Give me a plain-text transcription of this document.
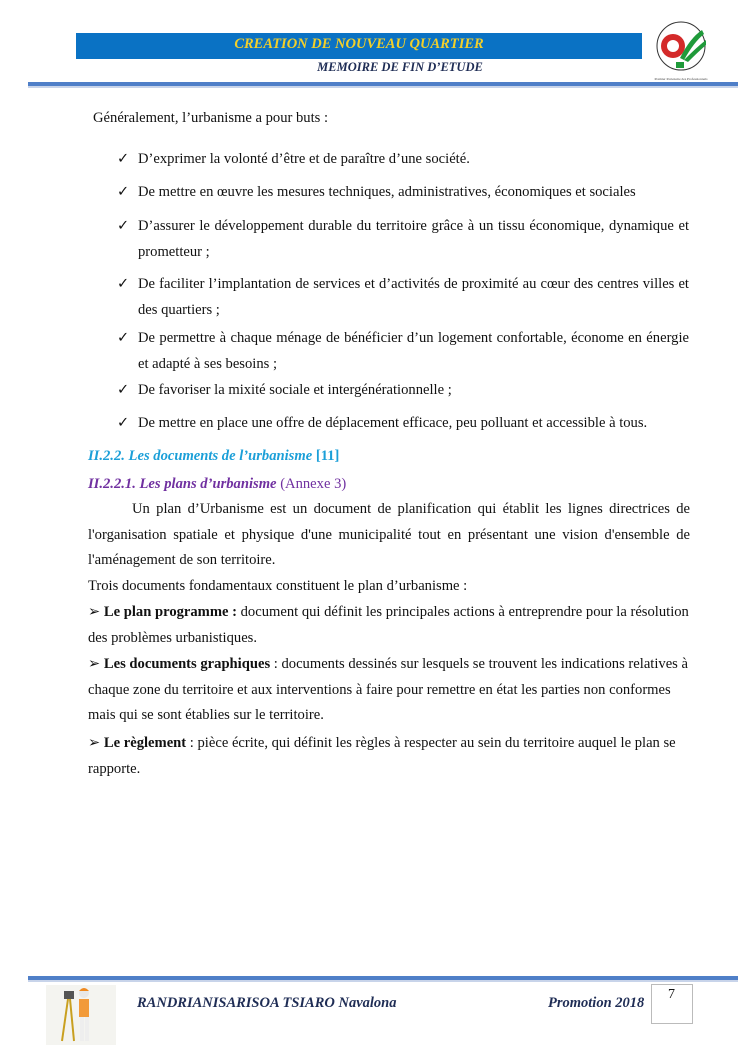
CREATION DE NOUVEAU QUARTIER
MEMOIRE DE FIN D’ETUDE
Premier Partenaire des Professionnels
Généralement, l’urbanisme a pour buts :
✓ D’exprimer la volonté d’être et de paraître d’une société.
✓ De mettre en œuvre les mesures techniques, administratives, économiques et sociales
✓ D’assurer le développement durable du territoire grâce à un tissu économique, dynamique et prometteur ;
✓ De faciliter l’implantation de services et d’activités de proximité au cœur des centres villes et des quartiers ;
✓ De permettre à chaque ménage de bénéficier d’un logement confortable, économe en énergie et adapté à ses besoins ;
✓ De favoriser la mixité sociale et intergénérationnelle ;
✓ De mettre en place une offre de déplacement efficace, peu polluant et accessible à tous.
II.2.2. Les documents de l’urbanisme [11]
II.2.2.1. Les plans d’urbanisme (Annexe 3)
Un plan d’Urbanisme est un document de planification qui établit les lignes directrices de l'organisation spatiale et physique d'une municipalité tout en présentant une vision d'ensemble de l'aménagement de son territoire.
Trois documents fondamentaux constituent le plan d’urbanisme :
➢ Le plan programme : document qui définit les principales actions à entreprendre pour la résolution des problèmes urbanistiques.
➢ Les documents graphiques : documents dessinés sur lesquels se trouvent les indications relatives à chaque zone du territoire et aux interventions à faire pour remettre en état les parties non conformes mais qui se sont établies sur le territoire.
➢ Le règlement : pièce écrite, qui définit les règles à respecter au sein du territoire auquel le plan se rapporte.
RANDRIANISARISOA TSIARO Navalona	Promotion 2018
7
